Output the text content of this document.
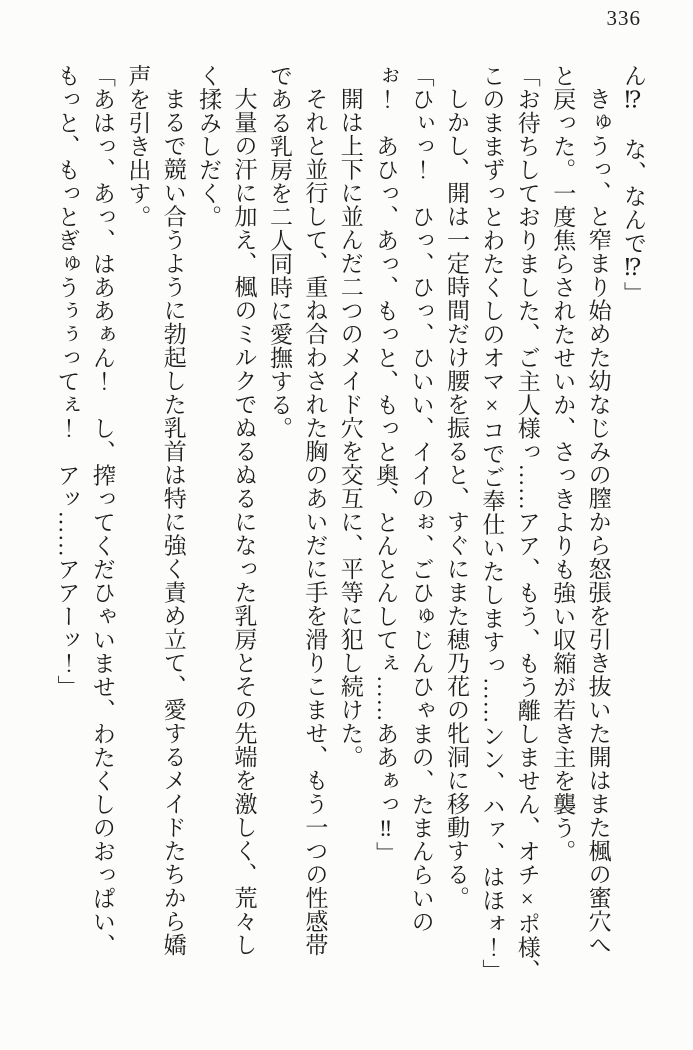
336

ん⁉　な、なんで⁉」

きゅうっ、と窄まり始めた幼なじみの膣から怒張を引き抜いた開はまた楓の蜜穴へ

と戻った。一度焦らされたせいか、さっきよりも強い収縮が若き主を襲う。

「お待ちしておりました、ご主人様っ……アア、もう、もう離しません、オチ×ポ様、

このままずっとわたくしのオマ×コでご奉仕いたしますっ……ンン、ハァ、はほォ！」

しかし、開は一定時間だけ腰を振ると、すぐにまた穂乃花の牝洞に移動する。

「ひぃっ！　ひっ、ひっ、ひいい、イイのぉ、ごひゅじんひゃまの、たまんらいの

ぉ！　あひっ、あっ、もっと、もっと奥、とんとんしてぇ……ああぁっ‼」

開は上下に並んだ二つのメイド穴を交互に、平等に犯し続けた。

それと並行して、重ね合わされた胸のあいだに手を滑りこませ、もう一つの性感帯

である乳房を二人同時に愛撫する。

大量の汗に加え、楓のミルクでぬるぬるになった乳房とその先端を激しく、荒々し

く揉みしだく。

まるで競い合うように勃起した乳首は特に強く責め立て、愛するメイドたちから嬌

声を引き出す。

「あはっ、あっ、はああぁん！　し、搾ってくだひゃいませ、わたくしのおっぱい、

もっと、もっとぎゅうぅぅってぇ！　アッ……アアーッ！」
